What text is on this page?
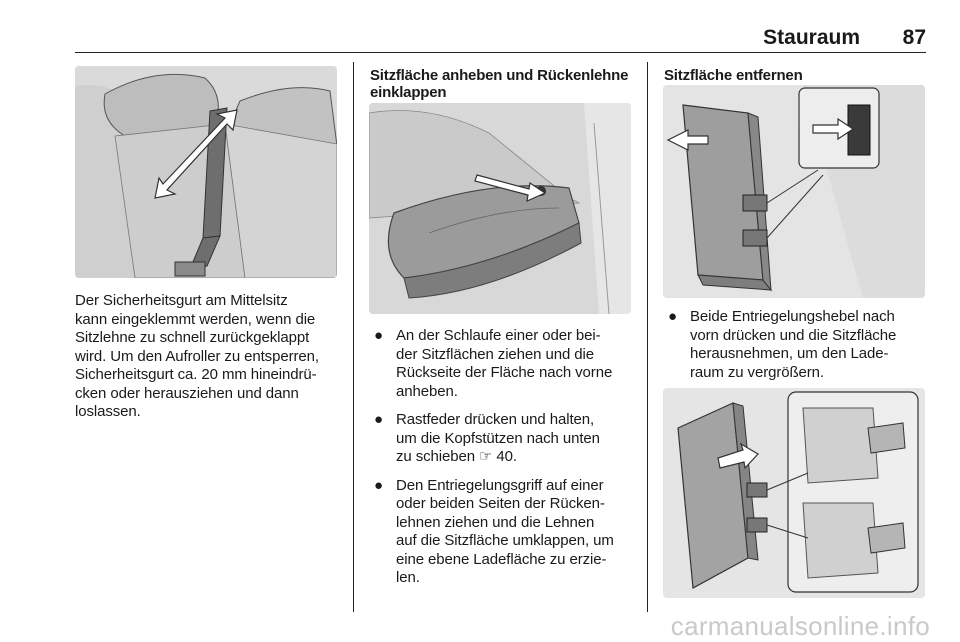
Stauraum 87
Der Sicherheitsgurt am Mittelsitz
kann eingeklemmt werden, wenn die
Sitzlehne zu schnell zurückgeklappt
wird. Um den Aufroller zu entsperren,
Sicherheitsgurt ca. 20 mm hineindrü-
cken oder herausziehen und dann
loslassen.
Sitzfläche anheben und Rückenlehne
einklappen
● An der Schlaufe einer oder bei-
der Sitzflächen ziehen und die
Rückseite der Fläche nach vorne
anheben.
● Rastfeder drücken und halten,
um die Kopfstützen nach unten
zu schieben ☞ 40.
● Den Entriegelungsgriff auf einer
oder beiden Seiten der Rücken-
lehnen ziehen und die Lehnen
auf die Sitzfläche umklappen, um
eine ebene Ladefläche zu erzie-
len.
Sitzfläche entfernen
● Beide Entriegelungshebel nach
vorn drücken und die Sitzfläche
herausnehmen, um den Lade-
raum zu vergrößern.
carmanualsonline.info
